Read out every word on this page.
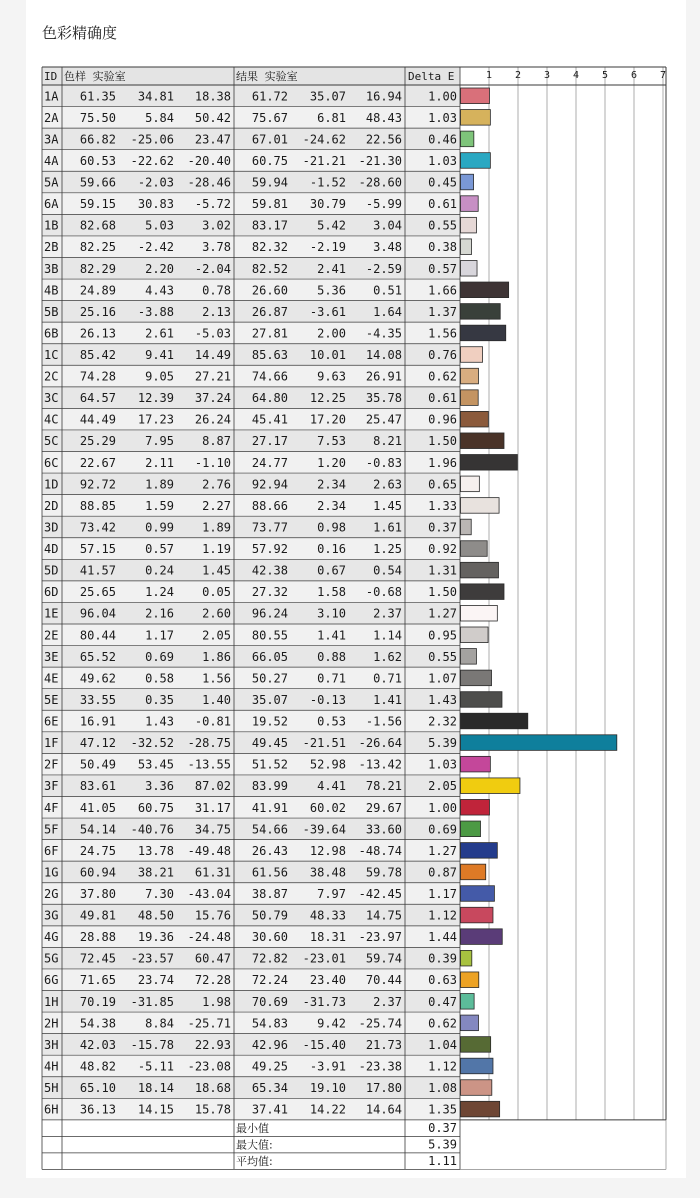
色彩精确度
ID 色样 实验室	结果 实验室	Delta E	1 2 3 4 5 6 7
1A 61.35 34.81 18.38 61.72 35.07 16.94 1.00
2A 75.50 5.84 50.42 75.67 6.81 48.43 1.03
3A 66.82 -25.06 23.47 67.01 -24.62 22.56 0.46
4A 60.53 -22.62 -20.40 60.75 -21.21 -21.30 1.03
5A 59.66 -2.03 -28.46 59.94 -1.52 -28.60 0.45
6A 59.15 30.83 -5.72 59.81 30.79 -5.99 0.61
1B 82.68 5.03 3.02 83.17 5.42 3.04 0.55
2B 82.25 -2.42 3.78 82.32 -2.19 3.48 0.38
3B 82.29 2.20 -2.04 82.52 2.41 -2.59 0.57
4B 24.89 4.43 0.78 26.60 5.36 0.51 1.66
5B 25.16 -3.88 2.13 26.87 -3.61 1.64 1.37
6B 26.13 2.61 -5.03 27.81 2.00 -4.35 1.56
1C 85.42 9.41 14.49 85.63 10.01 14.08 0.76
2C 74.28 9.05 27.21 74.66 9.63 26.91 0.62
3C 64.57 12.39 37.24 64.80 12.25 35.78 0.61
4C 44.49 17.23 26.24 45.41 17.20 25.47 0.96
5C 25.29 7.95 8.87 27.17 7.53 8.21 1.50
6C 22.67 2.11 -1.10 24.77 1.20 -0.83 1.96
1D 92.72 1.89 2.76 92.94 2.34 2.63 0.65
2D 88.85 1.59 2.27 88.66 2.34 1.45 1.33
3D 73.42 0.99 1.89 73.77 0.98 1.61 0.37
4D 57.15 0.57 1.19 57.92 0.16 1.25 0.92
5D 41.57 0.24 1.45 42.38 0.67 0.54 1.31
6D 25.65 1.24 0.05 27.32 1.58 -0.68 1.50
1E 96.04 2.16 2.60 96.24 3.10 2.37 1.27
2E 80.44 1.17 2.05 80.55 1.41 1.14 0.95
3E 65.52 0.69 1.86 66.05 0.88 1.62 0.55
4E 49.62 0.58 1.56 50.27 0.71 0.71 1.07
5E 33.55 0.35 1.40 35.07 -0.13 1.41 1.43
6E 16.91 1.43 -0.81 19.52 0.53 -1.56 2.32
1F 47.12 -32.52 -28.75 49.45 -21.51 -26.64 5.39
2F 50.49 53.45 -13.55 51.52 52.98 -13.42 1.03
3F 83.61 3.36 87.02 83.99 4.41 78.21 2.05
4F 41.05 60.75 31.17 41.91 60.02 29.67 1.00
5F 54.14 -40.76 34.75 54.66 -39.64 33.60 0.69
6F 24.75 13.78 -49.48 26.43 12.98 -48.74 1.27
1G 60.94 38.21 61.31 61.56 38.48 59.78 0.87
2G 37.80 7.30 -43.04 38.87 7.97 -42.45 1.17
3G 49.81 48.50 15.76 50.79 48.33 14.75 1.12
4G 28.88 19.36 -24.48 30.60 18.31 -23.97 1.44
5G 72.45 -23.57 60.47 72.82 -23.01 59.74 0.39
6G 71.65 23.74 72.28 72.24 23.40 70.44 0.63
1H 70.19 -31.85 1.98 70.69 -31.73 2.37 0.47
2H 54.38 8.84 -25.71 54.83 9.42 -25.74 0.62
3H 42.03 -15.78 22.93 42.96 -15.40 21.73 1.04
4H 48.82 -5.11 -23.08 49.25 -3.91 -23.38 1.12
5H 65.10 18.14 18.68 65.34 19.10 17.80 1.08
6H 36.13 14.15 15.78 37.41 14.22 14.64 1.35
最小值	0.37
最大值:	5.39
平均值:	1.11
